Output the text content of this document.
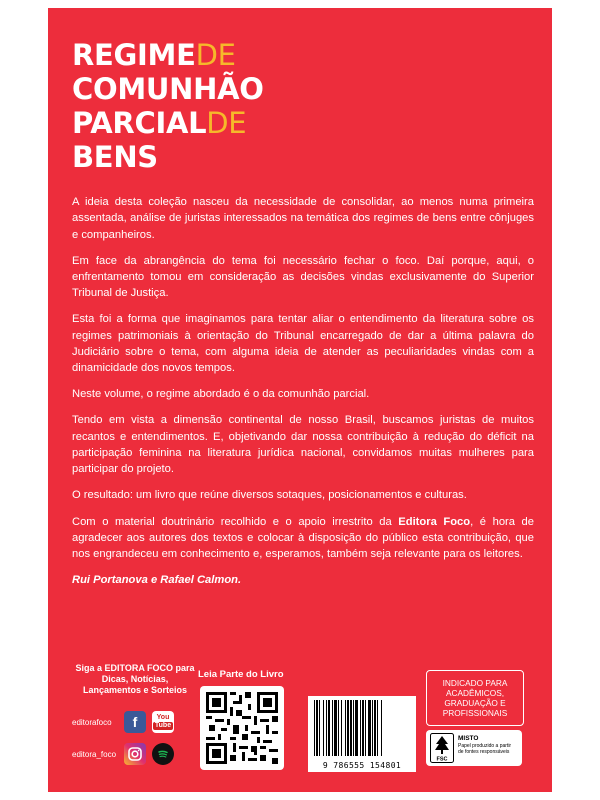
REGIMEDE
COMUNHÃO
PARCIALDE
BENS

A ideia desta coleção nasceu da necessidade de consolidar, ao menos numa primeira assentada, análise de juristas interessados na temática dos regimes de bens entre cônjuges e companheiros.

Em face da abrangência do tema foi necessário fechar o foco. Daí porque, aqui, o enfrentamento tomou em consideração as decisões vindas exclusivamente do Superior Tribunal de Justiça.

Esta foi a forma que imaginamos para tentar aliar o entendimento da literatura sobre os regimes patrimoniais à orientação do Tribunal encarregado de dar a última palavra do Judiciário sobre o tema, com alguma ideia de atender as peculiaridades vindas com a dinamicidade dos novos tempos.

Neste volume, o regime abordado é o da comunhão parcial.

Tendo em vista a dimensão continental de nosso Brasil, buscamos juristas de muitos recantos e entendimentos. E, objetivando dar nossa contribuição à redução do déficit na participação feminina na literatura jurídica nacional, convidamos muitas mulheres para participar do projeto.

O resultado: um livro que reúne diversos sotaques, posicionamentos e culturas.

Com o material doutrinário recolhido e o apoio irrestrito da Editora Foco, é hora de agradecer aos autores dos textos e colocar à disposição do público esta contribuição, que nos engrandeceu em conhecimento e, esperamos, também seja relevante para os leitores.

Rui Portanova e Rafael Calmon.

Siga a EDITORA FOCO para Dicas, Notícias, Lançamentos e Sorteios
editorafoco	f	You
Tube
editora_foco
Leia Parte do Livro
9 786555 154801
INDICADO PARA ACADÊMICOS, GRADUAÇÃO E PROFISSIONAIS
FSC
MISTO
Papel produzido a partir de fontes responsáveis
